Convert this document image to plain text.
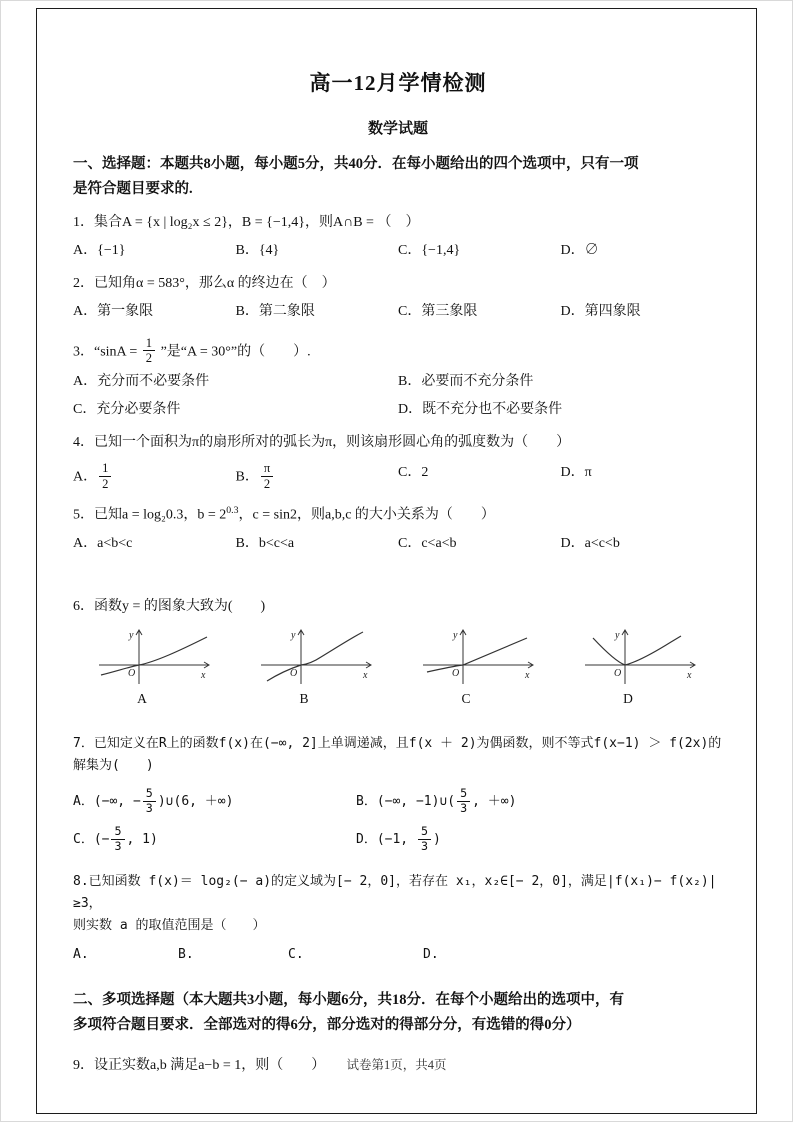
高一12月学情检测
数学试题

一、选择题：本题共8小题，每小题5分，共40分．在每小题给出的四个选项中，只有一项
是符合题目要求的.

1．集合A = {x | log₂x ≤ 2}，B = {−1,4}，则A∩B = （　）

A．{−1}	B．{4}	C．{−1,4}	D．∅

2．已知角α = 583°，那么α 的终边在（　）

A．第一象限	B．第二象限	C．第三象限	D．第四象限

3．“$\sin A = \frac{1}{2}$ ”是“A = 30°”的（　　）.

A．充分而不必要条件	B．必要而不充分条件
C．充分必要条件	D．既不充分也不必要条件

4．已知一个面积为π的扇形所对的弧长为π，则该扇形圆心角的弧度数为（　　）

A． $\frac{1}{2}$	B． $\frac{\pi}{2}$	C．2	D．π

5．已知a = log₂0.3，$b = 2^{0.3}$，c = sin2，则a,b,c 的大小关系为（　　）

A．a<b<c	B．b<c<a	C．c<a<b	D．a<c<b

6．函数y = 的图象大致为(　　)

y
x
O
A
y
x
O
B
y
x
O
C
y
x
O
D

7．已知定义在R上的函数f(x)在(−∞, 2]上单调递减，且f(x ＋ 2)为偶函数，则不等式f(x−1) ＞ f(2x)的
解集为(　　)

A．(−∞, − $\frac{5}{3}$ )∪(6, ＋∞)	B．(−∞, −1)∪( $\frac{5}{3}$ , ＋∞)
C．(− $\frac{5}{3}$ , 1)	D．(−1, $\frac{5}{3}$ )

8.已知函数 f(x)＝ log₂(− a)的定义域为[− 2，0]，若存在 x₁，x₂∈[− 2，0]，满足|f(x₁)− f(x₂)|≥3，
则实数 a 的取值范围是（　　）

A.	B.	C.	D.

二、多项选择题（本大题共3小题，每小题6分，共18分．在每个小题给出的选项中，有
多项符合题目要求．全部选对的得6分，部分选对的得部分分，有选错的得0分）

9．设正实数a,b 满足a−b = 1，则（　　）	试卷第1页，共4页
